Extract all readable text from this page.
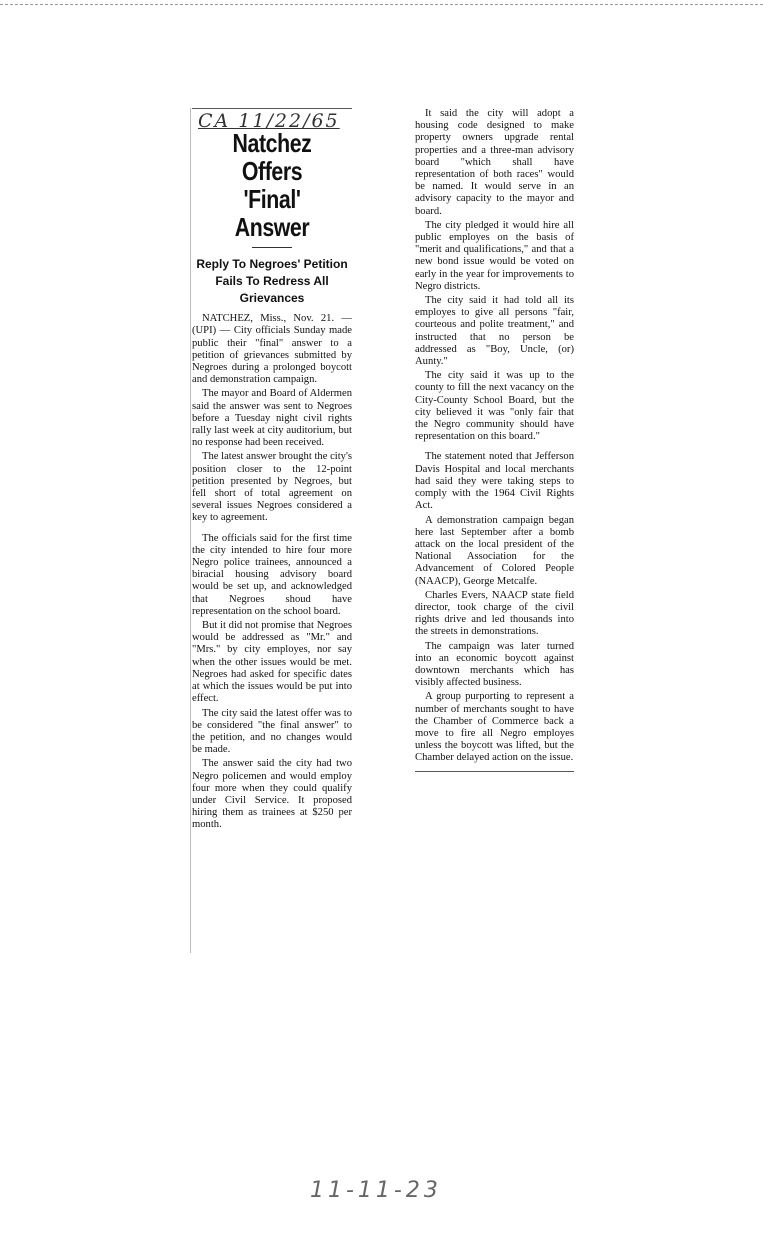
CA 11/22/65
Natchez Offers
'Final' Answer
Reply To Negroes' Petition Fails To Redress All Grievances

NATCHEZ, Miss., Nov. 21. — (UPI) — City officials Sunday made public their "final" answer to a petition of grievances submitted by Negroes during a prolonged boycott and demonstration campaign.

The mayor and Board of Aldermen said the answer was sent to Negroes before a Tuesday night civil rights rally last week at city auditorium, but no response had been received.

The latest answer brought the city's position closer to the 12-point petition presented by Negroes, but fell short of total agreement on several issues Negroes considered a key to agreement.

The officials said for the first time the city intended to hire four more Negro police trainees, announced a biracial housing advisory board would be set up, and acknowledged that Negroes shoud have representation on the school board.

But it did not promise that Negroes would be addressed as "Mr." and "Mrs." by city employes, nor say when the other issues would be met. Negroes had asked for specific dates at which the issues would be put into effect.

The city said the latest offer was to be considered "the final answer" to the petition, and no changes would be made.

The answer said the city had two Negro policemen and would employ four more when they could qualify under Civil Service. It proposed hiring them as trainees at $250 per month.

It said the city will adopt a housing code designed to make property owners upgrade rental properties and a three-man advisory board "which shall have representation of both races" would be named. It would serve in an advisory capacity to the mayor and board.

The city pledged it would hire all public employes on the basis of "merit and qualifications," and that a new bond issue would be voted on early in the year for improvements to Negro districts.

The city said it had told all its employes to give all persons "fair, courteous and polite treatment," and instructed that no person be addressed as "Boy, Uncle, (or) Aunty."

The city said it was up to the county to fill the next vacancy on the City-County School Board, but the city believed it was "only fair that the Negro community should have representation on this board."

The statement noted that Jefferson Davis Hospital and local merchants had said they were taking steps to comply with the 1964 Civil Rights Act.

A demonstration campaign began here last September after a bomb attack on the local president of the National Association for the Advancement of Colored People (NAACP), George Metcalfe.

Charles Evers, NAACP state field director, took charge of the civil rights drive and led thousands into the streets in demonstrations.

The campaign was later turned into an economic boycott against downtown merchants which has visibly affected business.

A group purporting to represent a number of merchants sought to have the Chamber of Commerce back a move to fire all Negro employes unless the boycott was lifted, but the Chamber delayed action on the issue.

11-11-23
